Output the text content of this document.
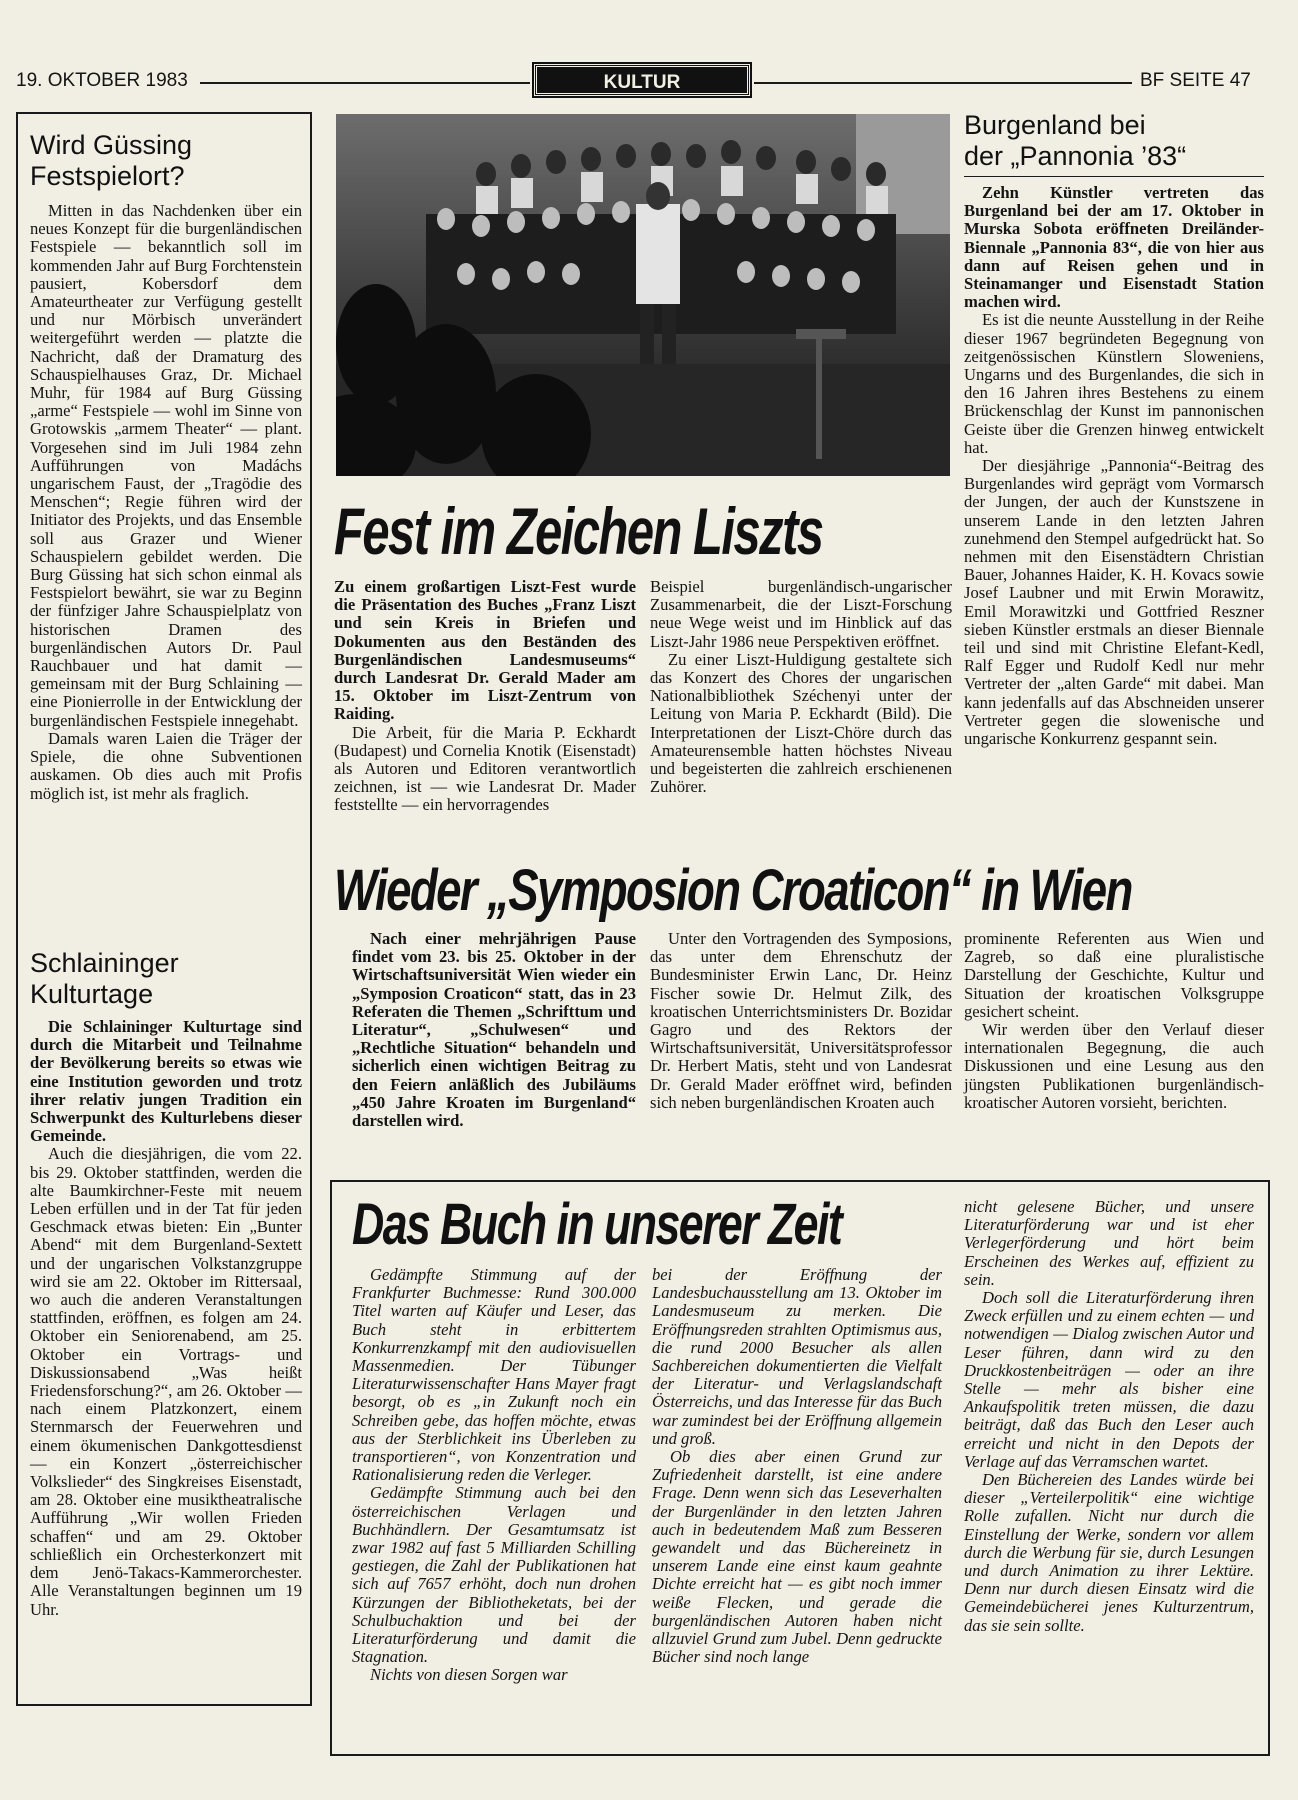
19. OKTOBER 1983	KULTUR	BF SEITE 47
Wird Güssing
Festspielort?

Mitten in das Nachdenken über ein neues Konzept für die burgenländischen Festspiele — bekanntlich soll im kommenden Jahr auf Burg Forchtenstein pausiert, Kobersdorf dem Amateurtheater zur Verfügung gestellt und nur Mörbisch unverändert weitergeführt werden — platzte die Nachricht, daß der Dramaturg des Schauspielhauses Graz, Dr. Michael Muhr, für 1984 auf Burg Güssing „arme“ Festspiele — wohl im Sinne von Grotowskis „armem Theater“ — plant. Vorgesehen sind im Juli 1984 zehn Aufführungen von Madáchs ungarischem Faust, der „Tragödie des Menschen“; Regie führen wird der Initiator des Projekts, und das Ensemble soll aus Grazer und Wiener Schauspielern gebildet werden. Die Burg Güssing hat sich schon einmal als Festspielort bewährt, sie war zu Beginn der fünfziger Jahre Schauspielplatz von historischen Dramen des burgenländischen Autors Dr. Paul Rauchbauer und hat damit — gemeinsam mit der Burg Schlaining — eine Pionierrolle in der Entwicklung der burgenländischen Festspiele innegehabt.

Damals waren Laien die Träger der Spiele, die ohne Subventionen auskamen. Ob dies auch mit Profis möglich ist, ist mehr als fraglich.

Schlaininger
Kulturtage

Die Schlaininger Kulturtage sind durch die Mitarbeit und Teilnahme der Bevölkerung bereits so etwas wie eine Institution geworden und trotz ihrer relativ jungen Tradition ein Schwerpunkt des Kulturlebens dieser Gemeinde.

Auch die diesjährigen, die vom 22. bis 29. Oktober stattfinden, werden die alte Baumkirchner-Feste mit neuem Leben erfüllen und in der Tat für jeden Geschmack etwas bieten: Ein „Bunter Abend“ mit dem Burgenland-Sextett und der ungarischen Volkstanzgruppe wird sie am 22. Oktober im Rittersaal, wo auch die anderen Veranstaltungen stattfinden, eröffnen, es folgen am 24. Oktober ein Seniorenabend, am 25. Oktober ein Vortrags- und Diskussionsabend „Was heißt Friedensforschung?“, am 26. Oktober — nach einem Platzkonzert, einem Sternmarsch der Feuerwehren und einem ökumenischen Dankgottesdienst — ein Konzert „österreichischer Volkslieder“ des Singkreises Eisenstadt, am 28. Oktober eine musiktheatralische Aufführung „Wir wollen Frieden schaffen“ und am 29. Oktober schließlich ein Orchesterkonzert mit dem Jenö-Takacs-Kammerorchester. Alle Veranstaltungen beginnen um 19 Uhr.

Fest im Zeichen Liszts

Zu einem großartigen Liszt-Fest wurde die Präsentation des Buches „Franz Liszt und sein Kreis in Briefen und Dokumenten aus den Beständen des Burgenländischen Landesmuseums“ durch Landesrat Dr. Gerald Mader am 15. Oktober im Liszt-Zentrum von Raiding.

Die Arbeit, für die Maria P. Eckhardt (Budapest) und Cornelia Knotik (Eisenstadt) als Autoren und Editoren verantwortlich zeichnen, ist — wie Landesrat Dr. Mader feststellte — ein hervorragendes

Beispiel burgenländisch-ungarischer Zusammenarbeit, die der Liszt-Forschung neue Wege weist und im Hinblick auf das Liszt-Jahr 1986 neue Perspektiven eröffnet.

Zu einer Liszt-Huldigung gestaltete sich das Konzert des Chores der ungarischen Nationalbibliothek Széchenyi unter der Leitung von Maria P. Eckhardt (Bild). Die Interpretationen der Liszt-Chöre durch das Amateurensemble hatten höchstes Niveau und begeisterten die zahlreich erschienenen Zuhörer.

Burgenland bei
der „Pannonia ’83“

Zehn Künstler vertreten das Burgenland bei der am 17. Oktober in Murska Sobota eröffneten Dreiländer-Biennale „Pannonia 83“, die von hier aus dann auf Reisen gehen und in Steinamanger und Eisenstadt Station machen wird.

Es ist die neunte Ausstellung in der Reihe dieser 1967 begründeten Begegnung von zeitgenössischen Künstlern Sloweniens, Ungarns und des Burgenlandes, die sich in den 16 Jahren ihres Bestehens zu einem Brückenschlag der Kunst im pannonischen Geiste über die Grenzen hinweg entwickelt hat.

Der diesjährige „Pannonia“-Beitrag des Burgenlandes wird geprägt vom Vormarsch der Jungen, der auch der Kunstszene in unserem Lande in den letzten Jahren zunehmend den Stempel aufgedrückt hat. So nehmen mit den Eisenstädtern Christian Bauer, Johannes Haider, K. H. Kovacs sowie Josef Laubner und mit Erwin Morawitz, Emil Morawitzki und Gottfried Reszner sieben Künstler erstmals an dieser Biennale teil und sind mit Christine Elefant-Kedl, Ralf Egger und Rudolf Kedl nur mehr Vertreter der „alten Garde“ mit dabei. Man kann jedenfalls auf das Abschneiden unserer Vertreter gegen die slowenische und ungarische Konkurrenz gespannt sein.

Wieder „Symposion Croaticon“ in Wien

Nach einer mehrjährigen Pause findet vom 23. bis 25. Oktober in der Wirtschaftsuniversität Wien wieder ein „Symposion Croaticon“ statt, das in 23 Referaten die Themen „Schrifttum und Literatur“, „Schulwesen“ und „Rechtliche Situation“ behandeln und sicherlich einen wichtigen Beitrag zu den Feiern anläßlich des Jubiläums „450 Jahre Kroaten im Burgenland“ darstellen wird.

Unter den Vortragenden des Symposions, das unter dem Ehrenschutz der Bundesminister Erwin Lanc, Dr. Heinz Fischer sowie Dr. Helmut Zilk, des kroatischen Unterrichtsministers Dr. Bozidar Gagro und des Rektors der Wirtschaftsuniversität, Universitätsprofessor Dr. Herbert Matis, steht und von Landesrat Dr. Gerald Mader eröffnet wird, befinden sich neben burgenländischen Kroaten auch

prominente Referenten aus Wien und Zagreb, so daß eine pluralistische Darstellung der Geschichte, Kultur und Situation der kroatischen Volksgruppe gesichert scheint.

Wir werden über den Verlauf dieser internationalen Begegnung, die auch Diskussionen und eine Lesung aus den jüngsten Publikationen burgenländisch-kroatischer Autoren vorsieht, berichten.

Das Buch in unserer Zeit

Gedämpfte Stimmung auf der Frankfurter Buchmesse: Rund 300.000 Titel warten auf Käufer und Leser, das Buch steht in erbittertem Konkurrenzkampf mit den audiovisuellen Massenmedien. Der Tübunger Literaturwissenschafter Hans Mayer fragt besorgt, ob es „in Zukunft noch ein Schreiben gebe, das hoffen möchte, etwas aus der Sterblichkeit ins Überleben zu transportieren“, von Konzentration und Rationalisierung reden die Verleger.

Gedämpfte Stimmung auch bei den österreichischen Verlagen und Buchhändlern. Der Gesamtumsatz ist zwar 1982 auf fast 5 Milliarden Schilling gestiegen, die Zahl der Publikationen hat sich auf 7657 erhöht, doch nun drohen Kürzungen der Bibliotheketats, bei der Schulbuchaktion und bei der Literaturförderung und damit die Stagnation.

Nichts von diesen Sorgen war

bei der Eröffnung der Landesbuchausstellung am 13. Oktober im Landesmuseum zu merken. Die Eröffnungsreden strahlten Optimismus aus, die rund 2000 Besucher als allen Sachbereichen dokumentierten die Vielfalt der Literatur- und Verlagslandschaft Österreichs, und das Interesse für das Buch war zumindest bei der Eröffnung allgemein und groß.

Ob dies aber einen Grund zur Zufriedenheit darstellt, ist eine andere Frage. Denn wenn sich das Leseverhalten der Burgenländer in den letzten Jahren auch in bedeutendem Maß zum Besseren gewandelt und das Büchereinetz in unserem Lande eine einst kaum geahnte Dichte erreicht hat — es gibt noch immer weiße Flecken, und gerade die burgenländischen Autoren haben nicht allzuviel Grund zum Jubel. Denn gedruckte Bücher sind noch lange

nicht gelesene Bücher, und unsere Literaturförderung war und ist eher Verlegerförderung und hört beim Erscheinen des Werkes auf, effizient zu sein.

Doch soll die Literaturförderung ihren Zweck erfüllen und zu einem echten — und notwendigen — Dialog zwischen Autor und Leser führen, dann wird zu den Druckkostenbeiträgen — oder an ihre Stelle — mehr als bisher eine Ankaufspolitik treten müssen, die dazu beiträgt, daß das Buch den Leser auch erreicht und nicht in den Depots der Verlage auf das Verramschen wartet.

Den Büchereien des Landes würde bei dieser „Verteilerpolitik“ eine wichtige Rolle zufallen. Nicht nur durch die Einstellung der Werke, sondern vor allem durch die Werbung für sie, durch Lesungen und durch Animation zu ihrer Lektüre. Denn nur durch diesen Einsatz wird die Gemeindebücherei jenes Kulturzentrum, das sie sein sollte.
